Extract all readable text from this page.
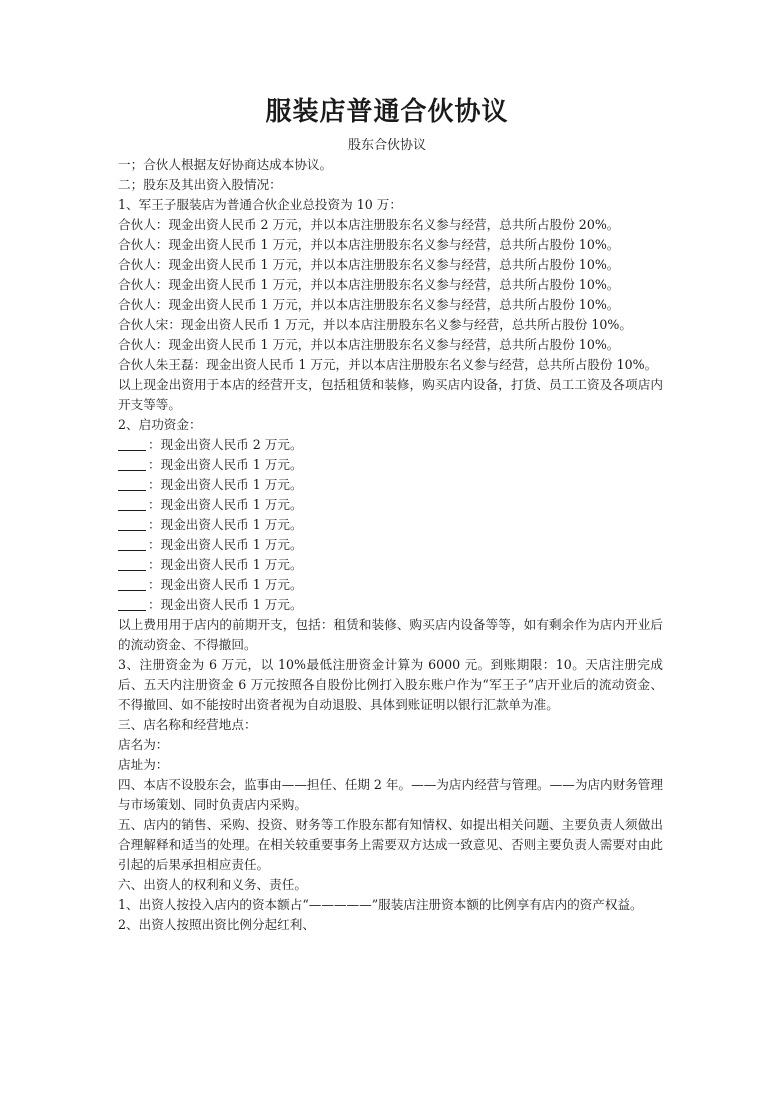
服装店普通合伙协议
股东合伙协议
一；合伙人根据友好协商达成本协议。
二；股东及其出资入股情况：
1、军王子服装店为普通合伙企业总投资为 10 万：
合伙人：现金出资人民币 2 万元，并以本店注册股东名义参与经营，总共所占股份 20%。
合伙人：现金出资人民币 1 万元，并以本店注册股东名义参与经营，总共所占股份 10%。
合伙人：现金出资人民币 1 万元，并以本店注册股东名义参与经营，总共所占股份 10%。
合伙人：现金出资人民币 1 万元，并以本店注册股东名义参与经营，总共所占股份 10%。
合伙人：现金出资人民币 1 万元，并以本店注册股东名义参与经营，总共所占股份 10%。
合伙人宋：现金出资人民币 1 万元，并以本店注册股东名义参与经营，总共所占股份 10%。
合伙人：现金出资人民币 1 万元，并以本店注册股东名义参与经营，总共所占股份 10%。
合伙人朱王磊：现金出资人民币 1 万元，并以本店注册股东名义参与经营，总共所占股份 10%。
以上现金出资用于本店的经营开支，包括租赁和装修，购买店内设备，打货、员工工资及各项店内开支等等。
2、启功资金：
：现金出资人民币 2 万元。
：现金出资人民币 1 万元。
：现金出资人民币 1 万元。
：现金出资人民币 1 万元。
：现金出资人民币 1 万元。
：现金出资人民币 1 万元。
：现金出资人民币 1 万元。
：现金出资人民币 1 万元。
：现金出资人民币 1 万元。
以上费用用于店内的前期开支，包括：租赁和装修、购买店内设备等等，如有剩余作为店内开业后的流动资金、不得撤回。
3、注册资金为 6 万元，以 10%最低注册资金计算为 6000 元。到账期限：10。天店注册完成后、五天内注册资金 6 万元按照各自股份比例打入股东账户作为“军王子”店开业后的流动资金、不得撤回、如不能按时出资者视为自动退股、具体到账证明以银行汇款单为准。
三、店名称和经营地点：
店名为：
店址为：
四、本店不设股东会，监事由——担任、任期 2 年。——为店内经营与管理。——为店内财务管理与市场策划、同时负责店内采购。
五、店内的销售、采购、投资、财务等工作股东都有知情权、如提出相关问题、主要负责人须做出合理解释和适当的处理。在相关较重要事务上需要双方达成一致意见、否则主要负责人需要对由此引起的后果承担相应责任。
六、出资人的权利和义务、责任。
1、出资人按投入店内的资本额占“—————”服装店注册资本额的比例享有店内的资产权益。
2、出资人按照出资比例分起红利、
